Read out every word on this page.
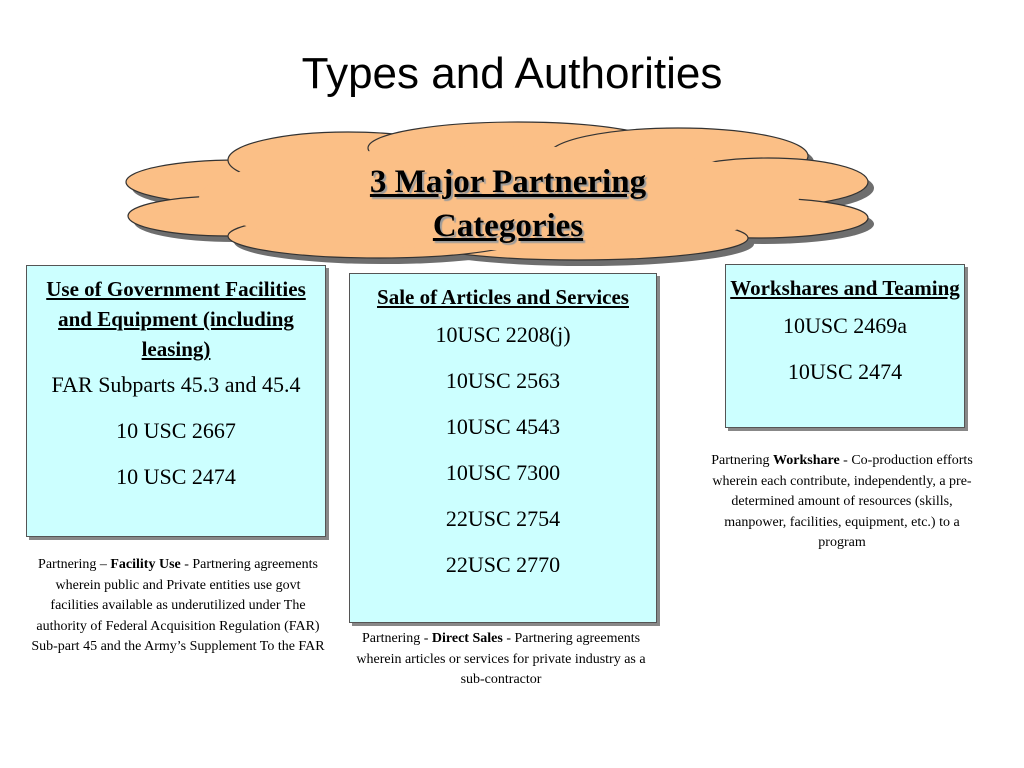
Types and Authorities
3 Major Partnering Categories
Use of Government Facilities and Equipment (including leasing)
FAR Subparts 45.3 and 45.4
10 USC 2667
10 USC 2474
Sale of Articles and Services
10USC 2208(j)
10USC 2563
10USC 4543
10USC 7300
22USC 2754
22USC 2770
Workshares and Teaming
10USC 2469a
10USC 2474
Partnering – Facility Use - Partnering agreements wherein public and Private entities use govt facilities available as underutilized under The authority of Federal Acquisition Regulation (FAR) Sub-part 45 and the Army’s Supplement To the FAR
Partnering - Direct Sales - Partnering agreements wherein articles or services for private industry as a sub-contractor
Partnering Workshare - Co-production efforts wherein each contribute, independently, a pre-determined amount of resources (skills, manpower, facilities, equipment, etc.) to a program
